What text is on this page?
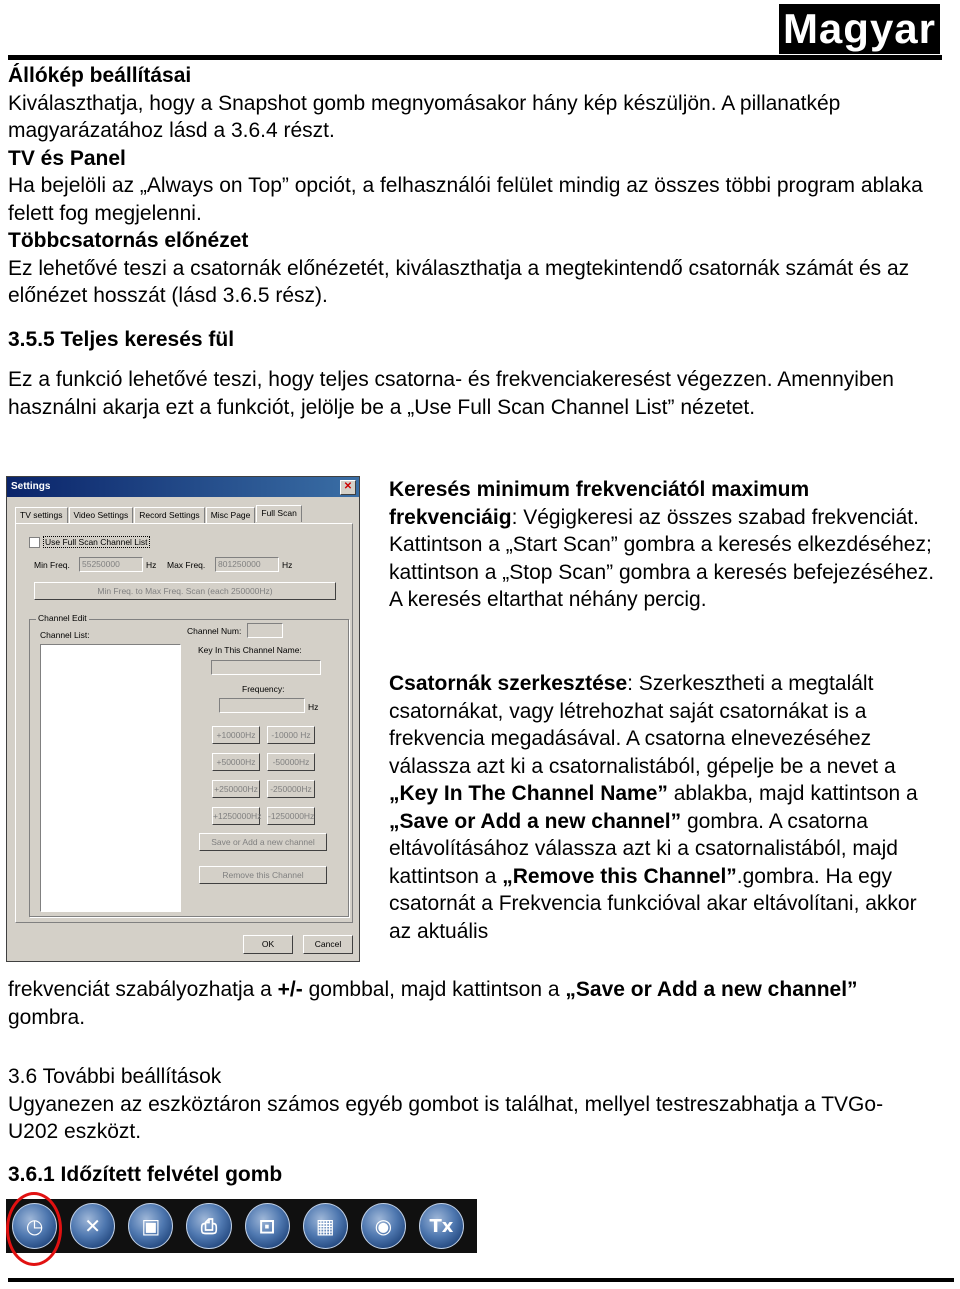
Magyar

Állókép beállításai

Kiválaszthatja, hogy a Snapshot gomb megnyomásakor hány kép készüljön. A pillanatkép magyarázatához lásd a 3.6.4 részt.

TV és Panel

Ha bejelöli az „Always on Top” opciót, a felhasználói felület mindig az összes többi program ablaka felett fog megjelenni.

Többcsatornás előnézet

Ez lehetővé teszi a csatornák előnézetét, kiválaszthatja a megtekintendő csatornák számát és az előnézet hosszát (lásd 3.6.5 rész).

3.5.5 Teljes keresés fül
Ez a funkció lehetővé teszi, hogy teljes csatorna- és frekvenciakeresést végezzen. Amennyiben használni akarja ezt a funkciót, jelölje be a „Use Full Scan Channel List” nézetet.
Settings	✕
TV settings	Video Settings	Record Settings	Misc Page	Full Scan
Use Full Scan Channel List
Min Freq.	55250000	Hz Max Freq.	801250000	Hz
Min Freq. to Max Freq. Scan (each 250000Hz)
Channel Edit
Channel List:	Channel Num:
Key In This Channel Name:
Frequency:
Hz
+10000Hz	-10000 Hz
+50000Hz	-50000Hz
+250000Hz	-250000Hz
+1250000Hz -1250000Hz
Save or Add a new channel
Remove this Channel
OK	Cancel
Keresés minimum frekvenciától maximum frekvenciáig: Végigkeresi az összes szabad frekvenciát. Kattintson a „Start Scan” gombra a keresés elkezdéséhez; kattintson a „Stop Scan” gombra a keresés befejezéséhez. A keresés eltarthat néhány percig.
Csatornák szerkesztése: Szerkesztheti a megtalált csatornákat, vagy létrehozhat saját csatornákat is a frekvencia megadásával. A csatorna elnevezéséhez válassza azt ki a csatornalistából, gépelje be a nevet a „Key In The Channel Name” ablakba, majd kattintson a „Save or Add a new channel” gombra. A csatorna eltávolításához válassza azt ki a csatornalistából, majd kattintson a „Remove this Channel”.gombra. Ha egy csatornát a Frekvencia funkcióval akar eltávolítani, akkor az aktuális
frekvenciát szabályozhatja a +/- gombbal, majd kattintson a „Save or Add a new channel” gombra.

3.6 További beállítások

Ugyanezen az eszköztáron számos egyéb gombot is találhat, mellyel testreszabhatja a TVGo-U202 eszközt.

3.6.1 Időzített felvétel gomb
◷	✕	▣	⎙	⊡	▦	◉	Tx
